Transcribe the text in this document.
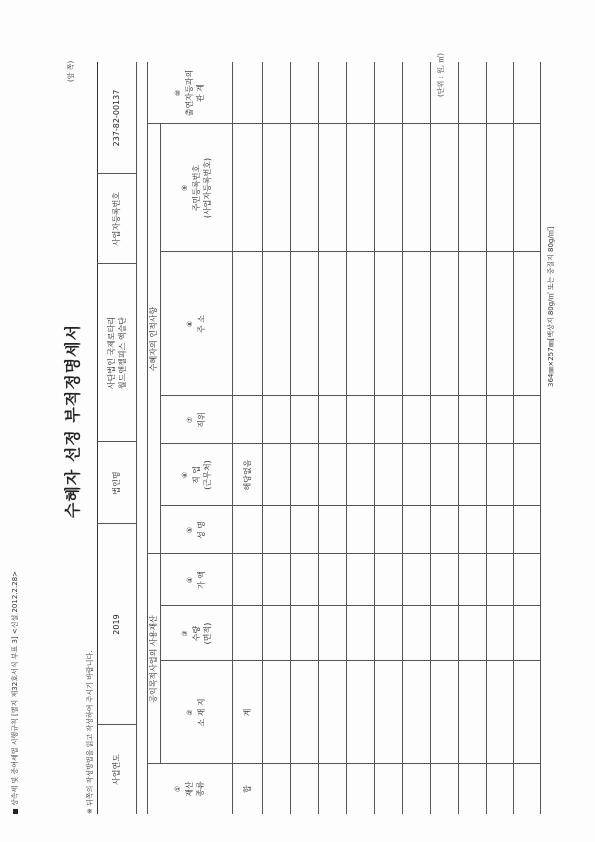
상속세 및 증여세법 시행규칙 [별지 제32호서식 부표 3] <신설 2012.2.28>
(앞 쪽)
수혜자 선정 부적정명세서
※ 뒤쪽의 작성방법을 읽고 작성하여 주시기 바랍니다.
(단위 : 원, ㎡)
사업연도
2019
법인명
사단법인 국제로타리 월드앤젤피스 액슬단
사업자등록번호
237-82-00137
공익목적사업의 사용재산
수혜자의 인적사항
① 재산 종류
② 소 재 지
③ 수량 (면적)
④ 가 액
⑤ 성 명
⑥ 직 업 (근무처)
⑦ 직위
⑧ 주 소
⑨ 주민등록번호 (사업자등록번호)
⑩ 출연자등과의 관 계
합
계
해당없음
364㎜×257㎜[백상지 80g/㎡ 또는 중질지 80g/㎡]
